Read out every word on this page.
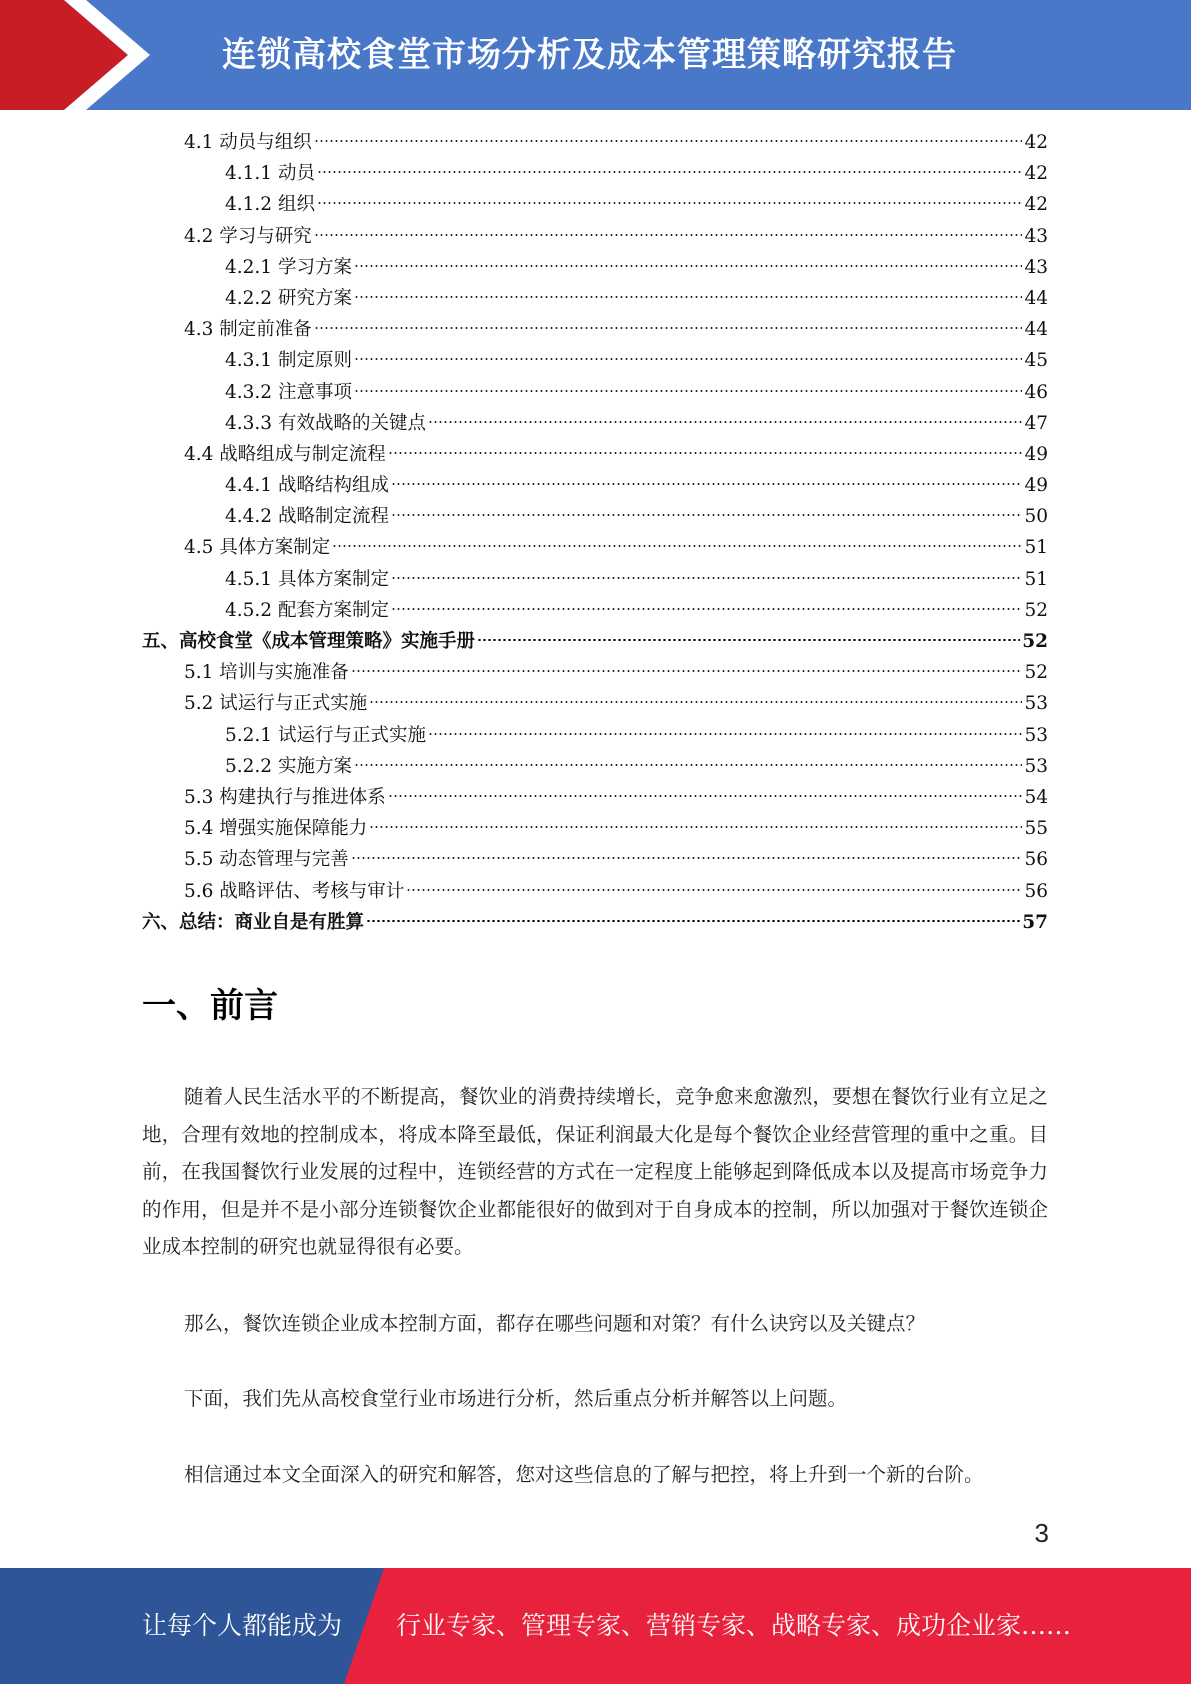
连锁高校食堂市场分析及成本管理策略研究报告
4.1 动员与组织	42
4.1.1 动员	42
4.1.2 组织	42
4.2 学习与研究	43
4.2.1 学习方案	43
4.2.2 研究方案	44
4.3 制定前准备	44
4.3.1 制定原则	45
4.3.2 注意事项	46
4.3.3 有效战略的关键点	47
4.4 战略组成与制定流程	49
4.4.1 战略结构组成	49
4.4.2 战略制定流程	50
4.5 具体方案制定	51
4.5.1 具体方案制定	51
4.5.2 配套方案制定	52
五、高校食堂《成本管理策略》实施手册	52
5.1 培训与实施准备	52
5.2 试运行与正式实施	53
5.2.1 试运行与正式实施	53
5.2.2 实施方案	53
5.3 构建执行与推进体系	54
5.4 增强实施保障能力	55
5.5 动态管理与完善	56
5.6 战略评估、考核与审计	56
六、总结：商业自是有胜算	57
一、前言

随着人民生活水平的不断提高，餐饮业的消费持续增长，竞争愈来愈激烈，要想在餐饮行业有立足之地，合理有效地的控制成本，将成本降至最低，保证利润最大化是每个餐饮企业经营管理的重中之重。目前，在我国餐饮行业发展的过程中，连锁经营的方式在一定程度上能够起到降低成本以及提高市场竞争力的作用，但是并不是小部分连锁餐饮企业都能很好的做到对于自身成本的控制，所以加强对于餐饮连锁企业成本控制的研究也就显得很有必要。

那么，餐饮连锁企业成本控制方面，都存在哪些问题和对策？有什么诀窍以及关键点？

下面，我们先从高校食堂行业市场进行分析，然后重点分析并解答以上问题。

相信通过本文全面深入的研究和解答，您对这些信息的了解与把控，将上升到一个新的台阶。

3
让每个人都能成为 行业专家、管理专家、营销专家、战略专家、成功企业家……
